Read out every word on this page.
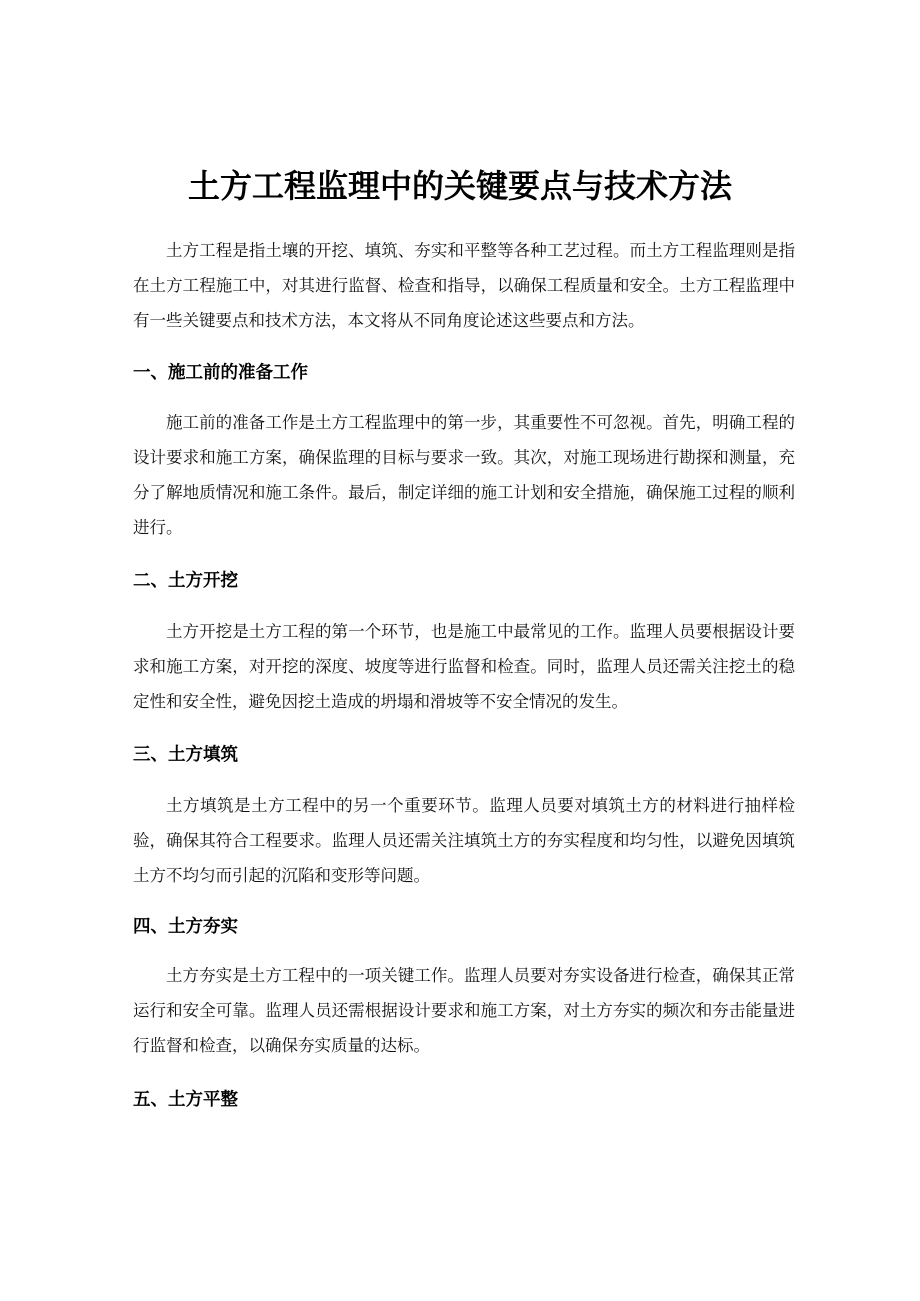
土方工程监理中的关键要点与技术方法

土方工程是指土壤的开挖、填筑、夯实和平整等各种工艺过程。而土方工程监理则是指在土方工程施工中，对其进行监督、检查和指导，以确保工程质量和安全。土方工程监理中有一些关键要点和技术方法，本文将从不同角度论述这些要点和方法。

一、施工前的准备工作

施工前的准备工作是土方工程监理中的第一步，其重要性不可忽视。首先，明确工程的设计要求和施工方案，确保监理的目标与要求一致。其次，对施工现场进行勘探和测量，充分了解地质情况和施工条件。最后，制定详细的施工计划和安全措施，确保施工过程的顺利进行。

二、土方开挖

土方开挖是土方工程的第一个环节，也是施工中最常见的工作。监理人员要根据设计要求和施工方案，对开挖的深度、坡度等进行监督和检查。同时，监理人员还需关注挖土的稳定性和安全性，避免因挖土造成的坍塌和滑坡等不安全情况的发生。

三、土方填筑

土方填筑是土方工程中的另一个重要环节。监理人员要对填筑土方的材料进行抽样检验，确保其符合工程要求。监理人员还需关注填筑土方的夯实程度和均匀性，以避免因填筑土方不均匀而引起的沉陷和变形等问题。

四、土方夯实

土方夯实是土方工程中的一项关键工作。监理人员要对夯实设备进行检查，确保其正常运行和安全可靠。监理人员还需根据设计要求和施工方案，对土方夯实的频次和夯击能量进行监督和检查，以确保夯实质量的达标。

五、土方平整
